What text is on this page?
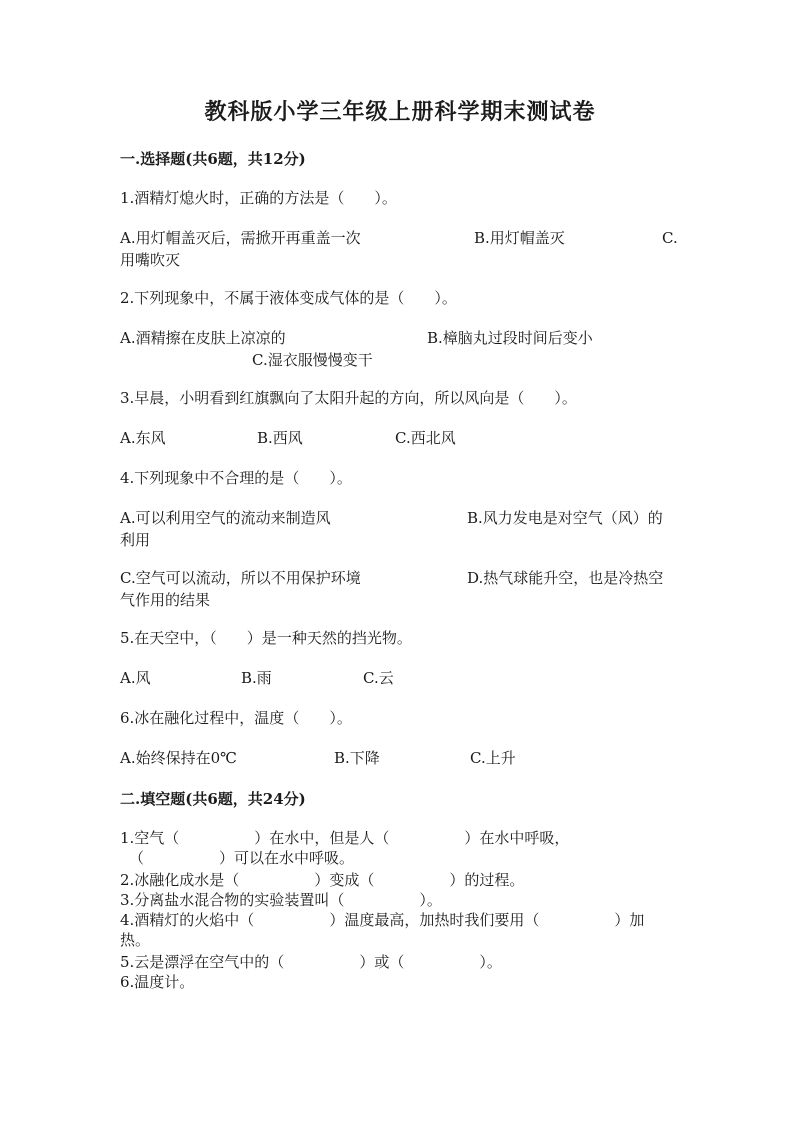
教科版小学三年级上册科学期末测试卷
一.选择题(共6题，共12分)
1.酒精灯熄火时，正确的方法是（　　）。
A.用灯帽盖灭后，需掀开再重盖一次	B.用灯帽盖灭	C.
用嘴吹灭
2.下列现象中，不属于液体变成气体的是（　　）。
A.酒精擦在皮肤上凉凉的	B.樟脑丸过段时间后变小
C.湿衣服慢慢变干
3.早晨，小明看到红旗飘向了太阳升起的方向，所以风向是（　　）。
A.东风	B.西风	C.西北风
4.下列现象中不合理的是（　　）。
A.可以利用空气的流动来制造风	B.风力发电是对空气（风）的
利用
C.空气可以流动，所以不用保护环境	D.热气球能升空，也是冷热空
气作用的结果
5.在天空中，（　　）是一种天然的挡光物。
A.风	B.雨	C.云
6.冰在融化过程中，温度（　　）。
A.始终保持在0℃	B.下降	C.上升
二.填空题(共6题，共24分)
1.空气（　　　　　）在水中，但是人（　　　　　）在水中呼吸，
（　　　　　）可以在水中呼吸。
2.冰融化成水是（　　　　　）变成（　　　　　）的过程。
3.分离盐水混合物的实验装置叫（　　　　　）。
4.酒精灯的火焰中（　　　　　）温度最高，加热时我们要用（　　　　　）加
热。
5.云是漂浮在空气中的（　　　　　）或（　　　　　）。
6.温度计。
